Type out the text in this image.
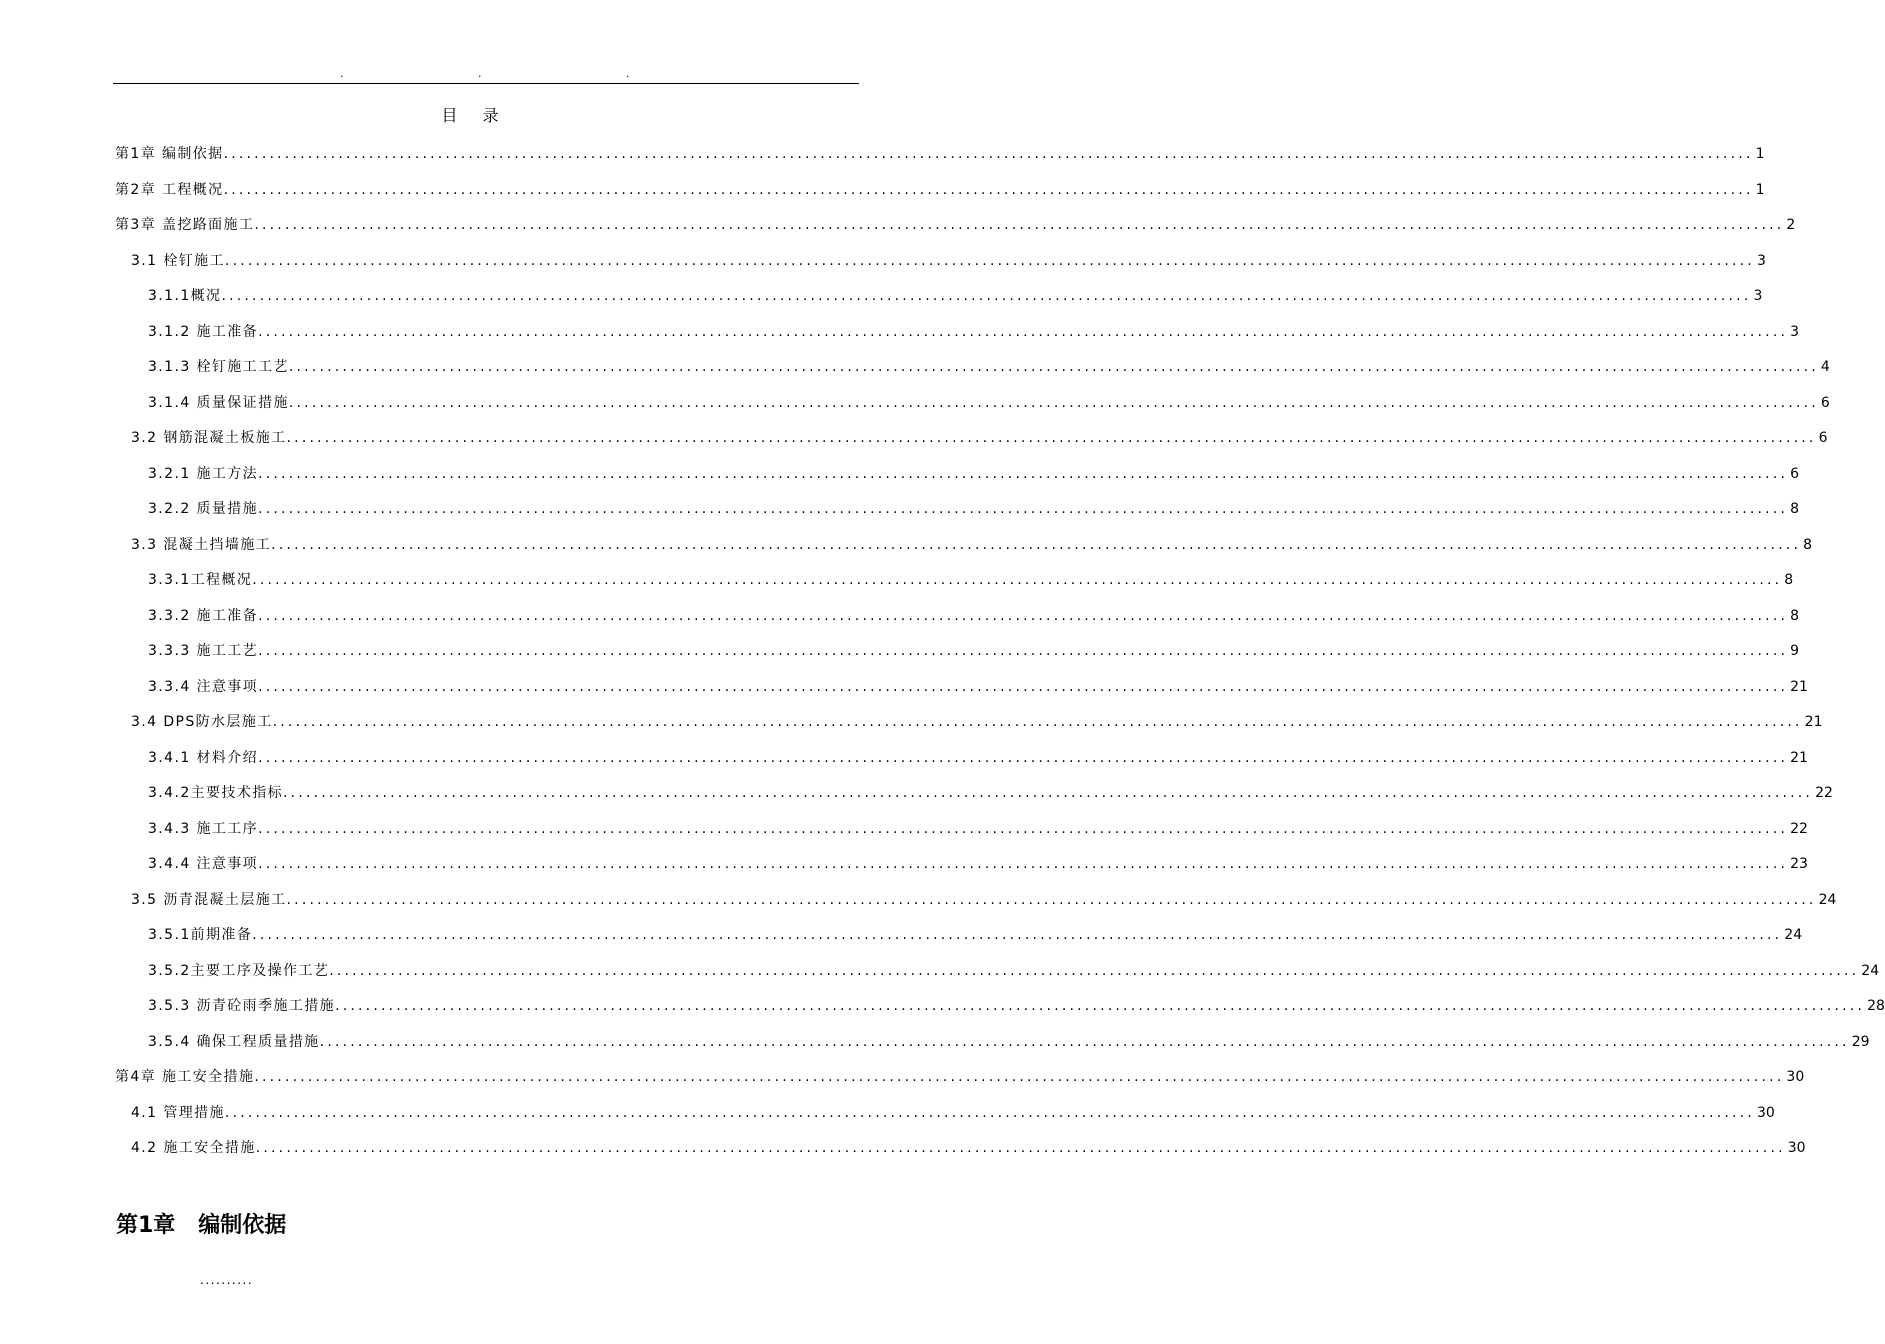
.	.	.
目 录
第1章 编制依据 ........................................................................................................................................................................................................ 1
第2章 工程概况 ........................................................................................................................................................................................................ 1
第3章 盖挖路面施工 ........................................................................................................................................................................................................ 2
3.1 栓钉施工 ........................................................................................................................................................................................................ 3
3.1.1概况 ........................................................................................................................................................................................................ 3
3.1.2 施工准备 ........................................................................................................................................................................................................ 3
3.1.3 栓钉施工工艺 ........................................................................................................................................................................................................ 4
3.1.4 质量保证措施 ........................................................................................................................................................................................................ 6
3.2 钢筋混凝土板施工 ........................................................................................................................................................................................................ 6
3.2.1 施工方法 ........................................................................................................................................................................................................ 6
3.2.2 质量措施 ........................................................................................................................................................................................................ 8
3.3 混凝土挡墙施工 ........................................................................................................................................................................................................ 8
3.3.1工程概况 ........................................................................................................................................................................................................ 8
3.3.2 施工准备 ........................................................................................................................................................................................................ 8
3.3.3 施工工艺 ........................................................................................................................................................................................................ 9
3.3.4 注意事项 ........................................................................................................................................................................................................ 21
3.4 DPS防水层施工 ........................................................................................................................................................................................................ 21
3.4.1 材料介绍 ........................................................................................................................................................................................................ 21
3.4.2主要技术指标 ........................................................................................................................................................................................................ 22
3.4.3 施工工序 ........................................................................................................................................................................................................ 22
3.4.4 注意事项 ........................................................................................................................................................................................................ 23
3.5 沥青混凝土层施工 ........................................................................................................................................................................................................ 24
3.5.1前期准备 ........................................................................................................................................................................................................ 24
3.5.2主要工序及操作工艺 ........................................................................................................................................................................................................ 24
3.5.3 沥青砼雨季施工措施 ........................................................................................................................................................................................................ 28
3.5.4 确保工程质量措施 ........................................................................................................................................................................................................ 29
第4章 施工安全措施 ........................................................................................................................................................................................................ 30
4.1 管理措施 ........................................................................................................................................................................................................ 30
4.2 施工安全措施 ........................................................................................................................................................................................................ 30
第1章   编制依据
..........
